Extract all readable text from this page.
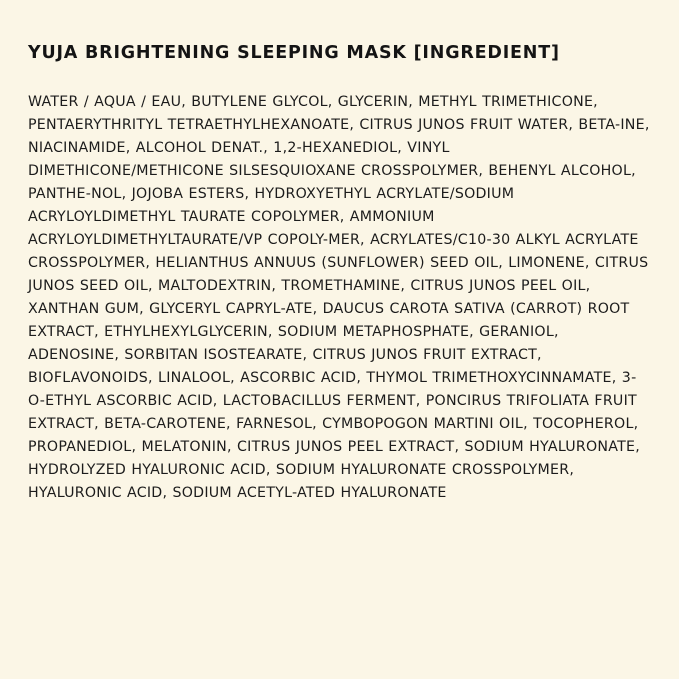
YUJA BRIGHTENING SLEEPING MASK [INGREDIENT]

WATER / AQUA / EAU, BUTYLENE GLYCOL, GLYCERIN, METHYL TRIMETHICONE, PENTAERYTHRITYL TETRAETHYLHEXANOATE, CITRUS JUNOS FRUIT WATER, BETA-INE, NIACINAMIDE, ALCOHOL DENAT., 1,2-HEXANEDIOL, VINYL DIMETHICONE/METHICONE SILSESQUIOXANE CROSSPOLYMER, BEHENYL ALCOHOL, PANTHE-NOL, JOJOBA ESTERS, HYDROXYETHYL ACRYLATE/SODIUM ACRYLOYLDIMETHYL TAURATE COPOLYMER, AMMONIUM ACRYLOYLDIMETHYLTAURATE/VP COPOLY-MER, ACRYLATES/C10-30 ALKYL ACRYLATE CROSSPOLYMER, HELIANTHUS ANNUUS (SUNFLOWER) SEED OIL, LIMONENE, CITRUS JUNOS SEED OIL, MALTODEXTRIN, TROMETHAMINE, CITRUS JUNOS PEEL OIL, XANTHAN GUM, GLYCERYL CAPRYL-ATE, DAUCUS CAROTA SATIVA (CARROT) ROOT EXTRACT, ETHYLHEXYLGLYCERIN, SODIUM METAPHOSPHATE, GERANIOL, ADENOSINE, SORBITAN ISOSTEARATE, CITRUS JUNOS FRUIT EXTRACT, BIOFLAVONOIDS, LINALOOL, ASCORBIC ACID, THYMOL TRIMETHOXYCINNAMATE, 3-O-ETHYL ASCORBIC ACID, LACTOBACILLUS FERMENT, PONCIRUS TRIFOLIATA FRUIT EXTRACT, BETA-CAROTENE, FARNESOL, CYMBOPOGON MARTINI OIL, TOCOPHEROL, PROPANEDIOL, MELATONIN, CITRUS JUNOS PEEL EXTRACT, SODIUM HYALURONATE, HYDROLYZED HYALURONIC ACID, SODIUM HYALURONATE CROSSPOLYMER, HYALURONIC ACID, SODIUM ACETYL-ATED HYALURONATE
